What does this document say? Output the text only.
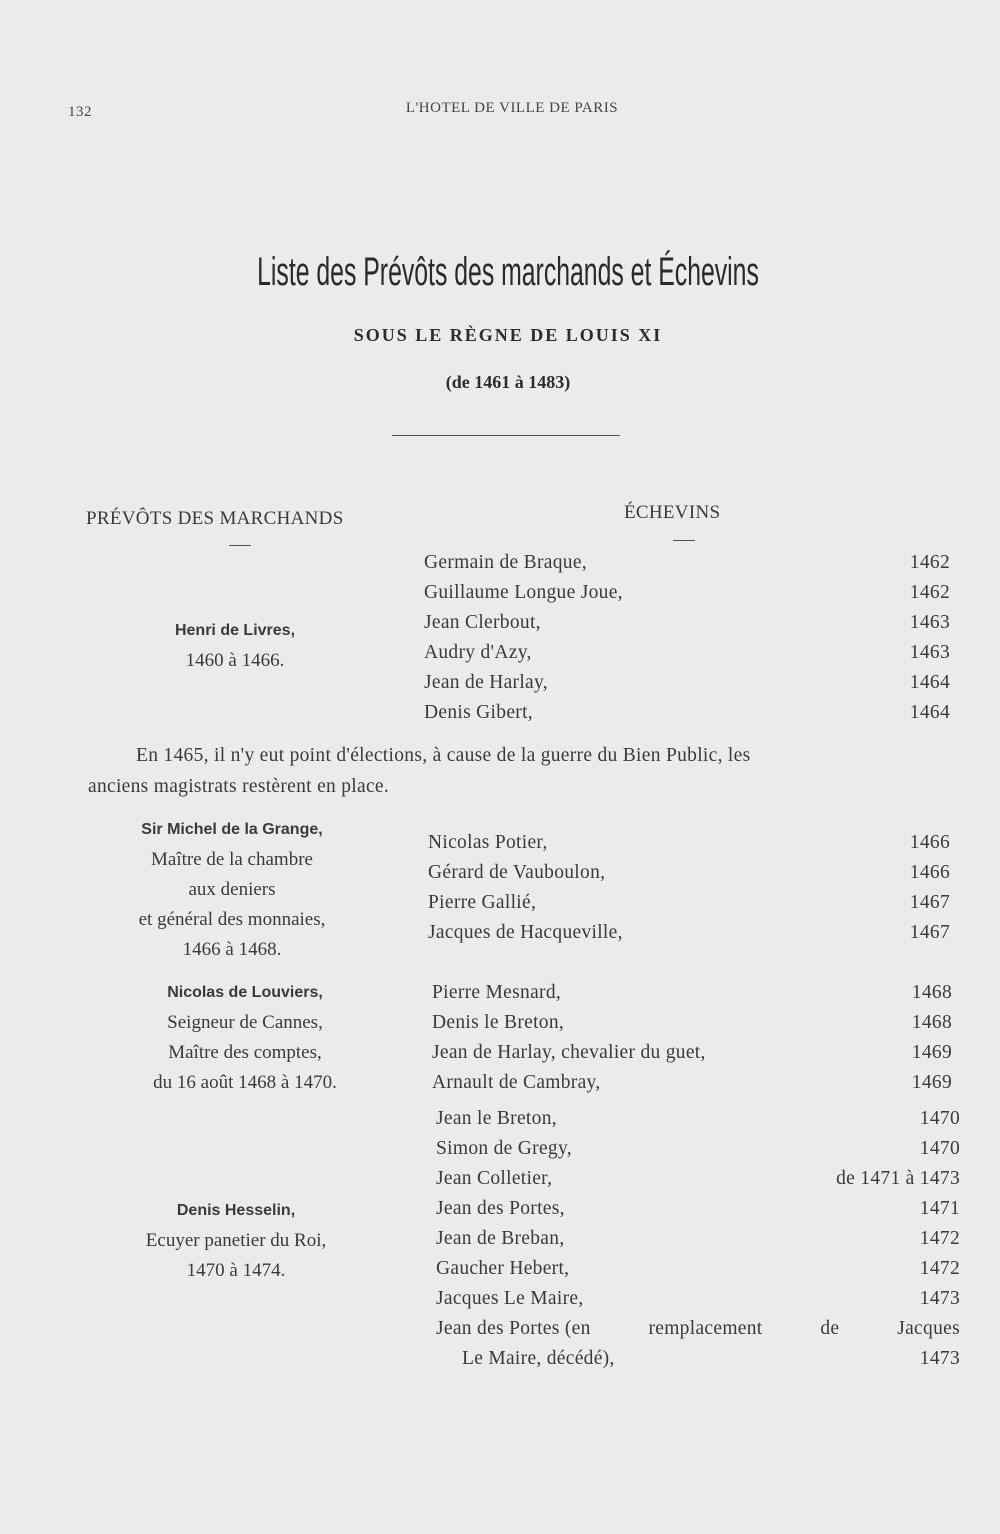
132	L'HOTEL DE VILLE DE PARIS
Liste des Prévôts des marchands et Échevins
SOUS LE RÈGNE DE LOUIS XI
(de 1461 à 1483)
PRÉVÔTS DES MARCHANDS	ÉCHEVINS
Henri de Livres,
1460 à 1466.
Germain de Braque,	1462
Guillaume Longue Joue,	1462
Jean Clerbout,	1463
Audry d'Azy,	1463
Jean de Harlay,	1464
Denis Gibert,	1464
En 1465, il n'y eut point d'élections, à cause de la guerre du Bien Public, les
anciens magistrats restèrent en place.
Sir Michel de la Grange,
Maître de la chambre
aux deniers
et général des monnaies,
1466 à 1468.
Nicolas Potier,	1466
Gérard de Vauboulon,	1466
Pierre Gallié,	1467
Jacques de Hacqueville,	1467
Nicolas de Louviers,
Seigneur de Cannes,
Maître des comptes,
du 16 août 1468 à 1470.
Pierre Mesnard,	1468
Denis le Breton,	1468
Jean de Harlay, chevalier du guet,	1469
Arnault de Cambray,	1469
Denis Hesselin,
Ecuyer panetier du Roi,
1470 à 1474.
Jean le Breton,	1470
Simon de Gregy,	1470
Jean Colletier,	de 1471 à 1473
Jean des Portes,	1471
Jean de Breban,	1472
Gaucher Hebert,	1472
Jacques Le Maire,	1473
Jean des Portes (en	remplacement	de	Jacques
Le Maire, décédé),	1473
